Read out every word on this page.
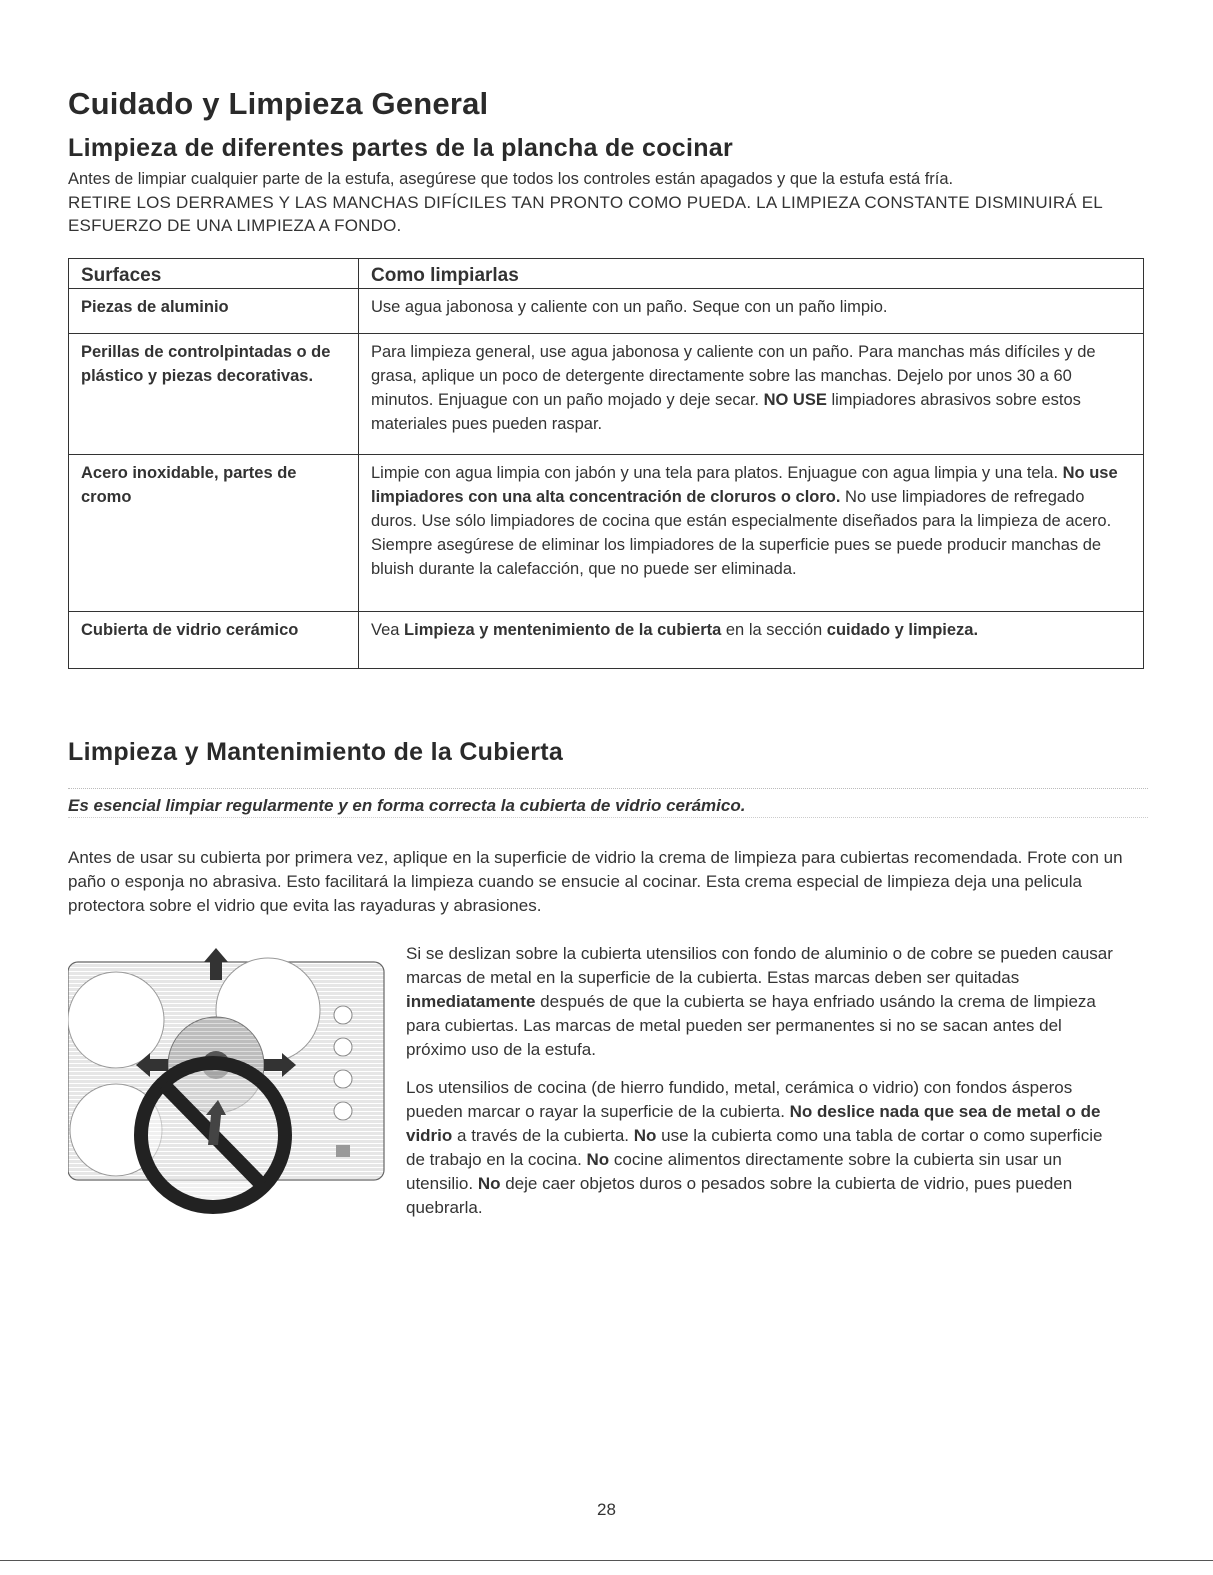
Cuidado y Limpieza General
Limpieza de diferentes partes de la plancha de cocinar

Antes de limpiar cualquier parte de la estufa, asegúrese que todos los controles están apagados y que la estufa está fría.

RETIRE LOS DERRAMES Y LAS MANCHAS DIFÍCILES TAN PRONTO COMO PUEDA. LA LIMPIEZA CONSTANTE DISMINUIRÁ EL ESFUERZO DE UNA LIMPIEZA A FONDO.

Surfaces	Como limpiarlas
Piezas de aluminio	Use agua jabonosa y caliente con un paño. Seque con un paño limpio.
Perillas de controlpintadas o de plástico y piezas decorativas.	Para limpieza general, use agua jabonosa y caliente con un paño. Para manchas más difíciles y de grasa, aplique un poco de detergente directamente sobre las manchas. Dejelo por unos 30 a 60 minutos. Enjuague con un paño mojado y deje secar. NO USE limpiadores abrasivos sobre estos materiales pues pueden raspar.
Acero inoxidable, partes de cromo	Limpie con agua limpia con jabón y una tela para platos. Enjuague con agua limpia y una tela. No use limpiadores con una alta concentración de cloruros o cloro. No use limpiadores de refregado duros. Use sólo limpiadores de cocina que están especialmente diseñados para la limpieza de acero. Siempre asegúrese de eliminar los limpiadores de la superficie pues se puede producir manchas de bluish durante la calefacción, que no puede ser eliminada.
Cubierta de vidrio cerámico	Vea Limpieza y mentenimiento de la cubierta en la sección cuidado y limpieza.
Limpieza y Mantenimiento de la Cubierta
Es esencial limpiar regularmente y en forma correcta la cubierta de vidrio cerámico.

Antes de usar su cubierta por primera vez, aplique en la superficie de vidrio la crema de limpieza para cubiertas recomendada. Frote con un paño o esponja no abrasiva. Esto facilitará la limpieza cuando se ensucie al cocinar. Esta crema especial de limpieza deja una pelicula protectora sobre el vidrio que evita las rayaduras y abrasiones.

Si se deslizan sobre la cubierta utensilios con fondo de aluminio o de cobre se pueden causar marcas de metal en la superficie de la cubierta. Estas marcas deben ser quitadas inmediatamente después de que la cubierta se haya enfriado usándo la crema de limpieza para cubiertas. Las marcas de metal pueden ser permanentes si no se sacan antes del próximo uso de la estufa.

Los utensilios de cocina (de hierro fundido, metal, cerámica o vidrio) con fondos ásperos pueden marcar o rayar la superficie de la cubierta. No deslice nada que sea de metal o de vidrio a través de la cubierta. No use la cubierta como una tabla de cortar o como superficie de trabajo en la cocina. No cocine alimentos directamente sobre la cubierta sin usar un utensilio. No deje caer objetos duros o pesados sobre la cubierta de vidrio, pues pueden quebrarla.

28
